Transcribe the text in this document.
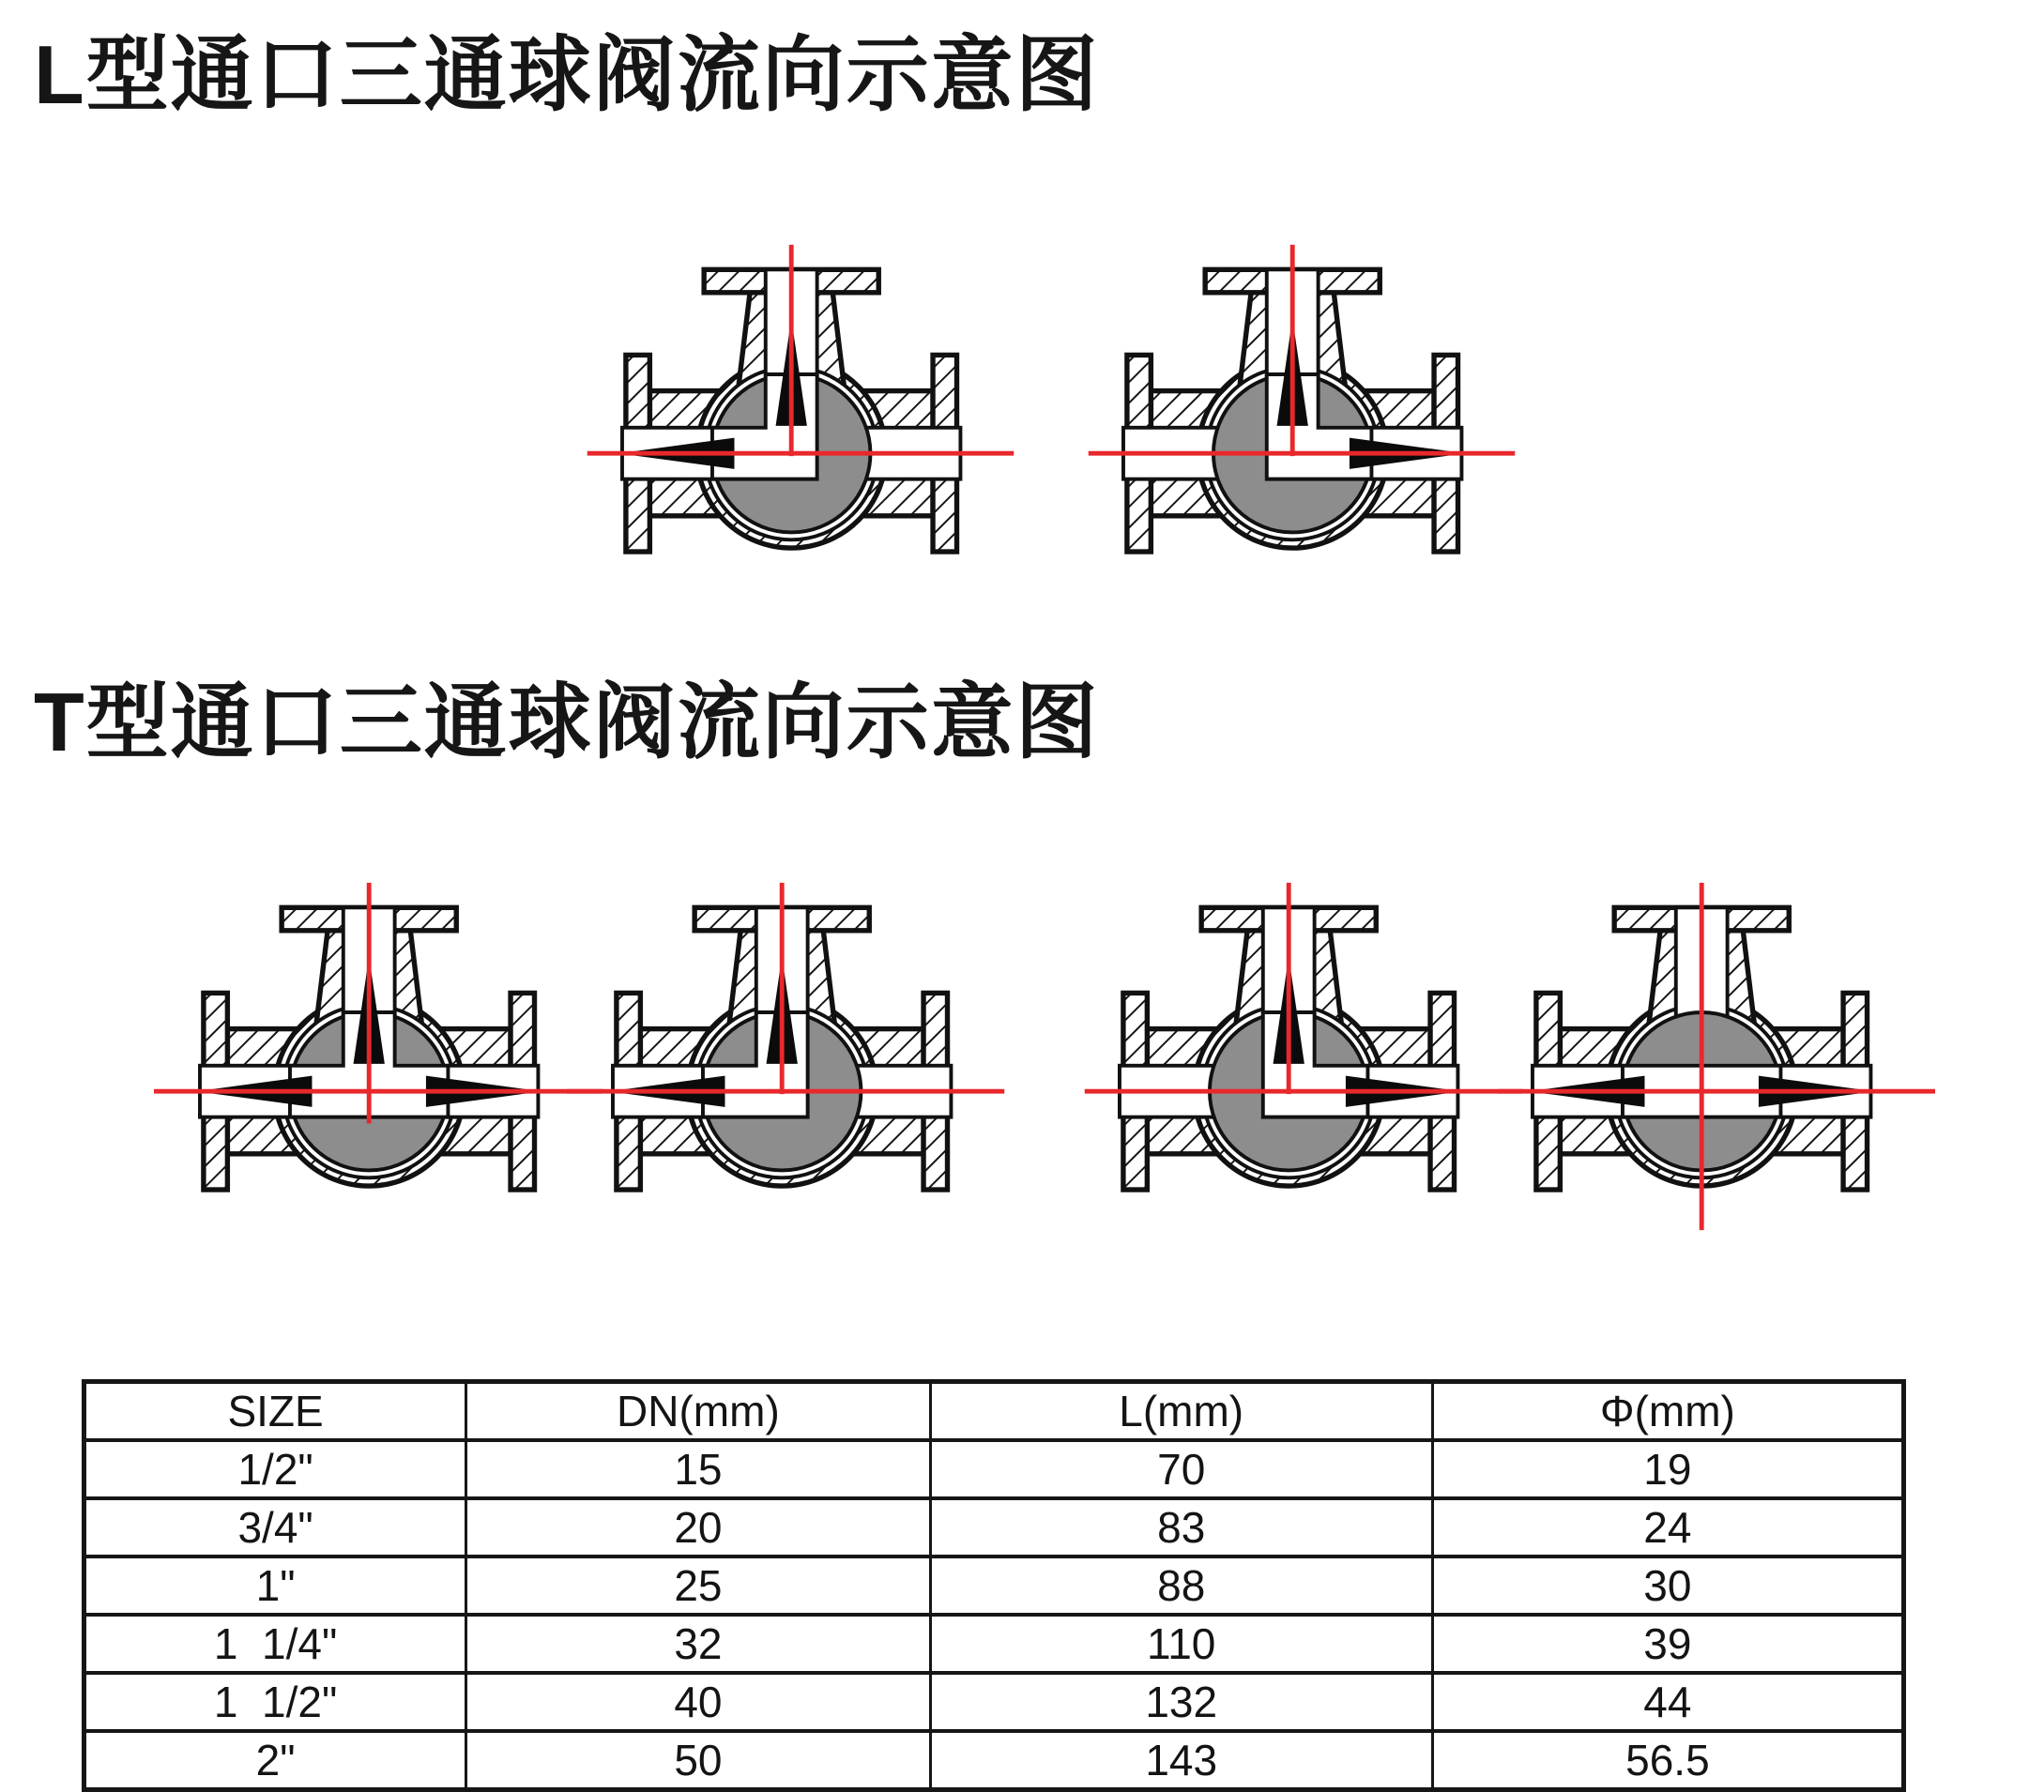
L型通口三通球阀流向示意图
T型通口三通球阀流向示意图
SIZE	DN(mm)	L(mm)	Φ(mm)
1/2"	15	70	19
3/4"	20	83	24
1"	25	88	30
1  1/4"	32	110	39
1  1/2"	40	132	44
2"	50	143	56.5
